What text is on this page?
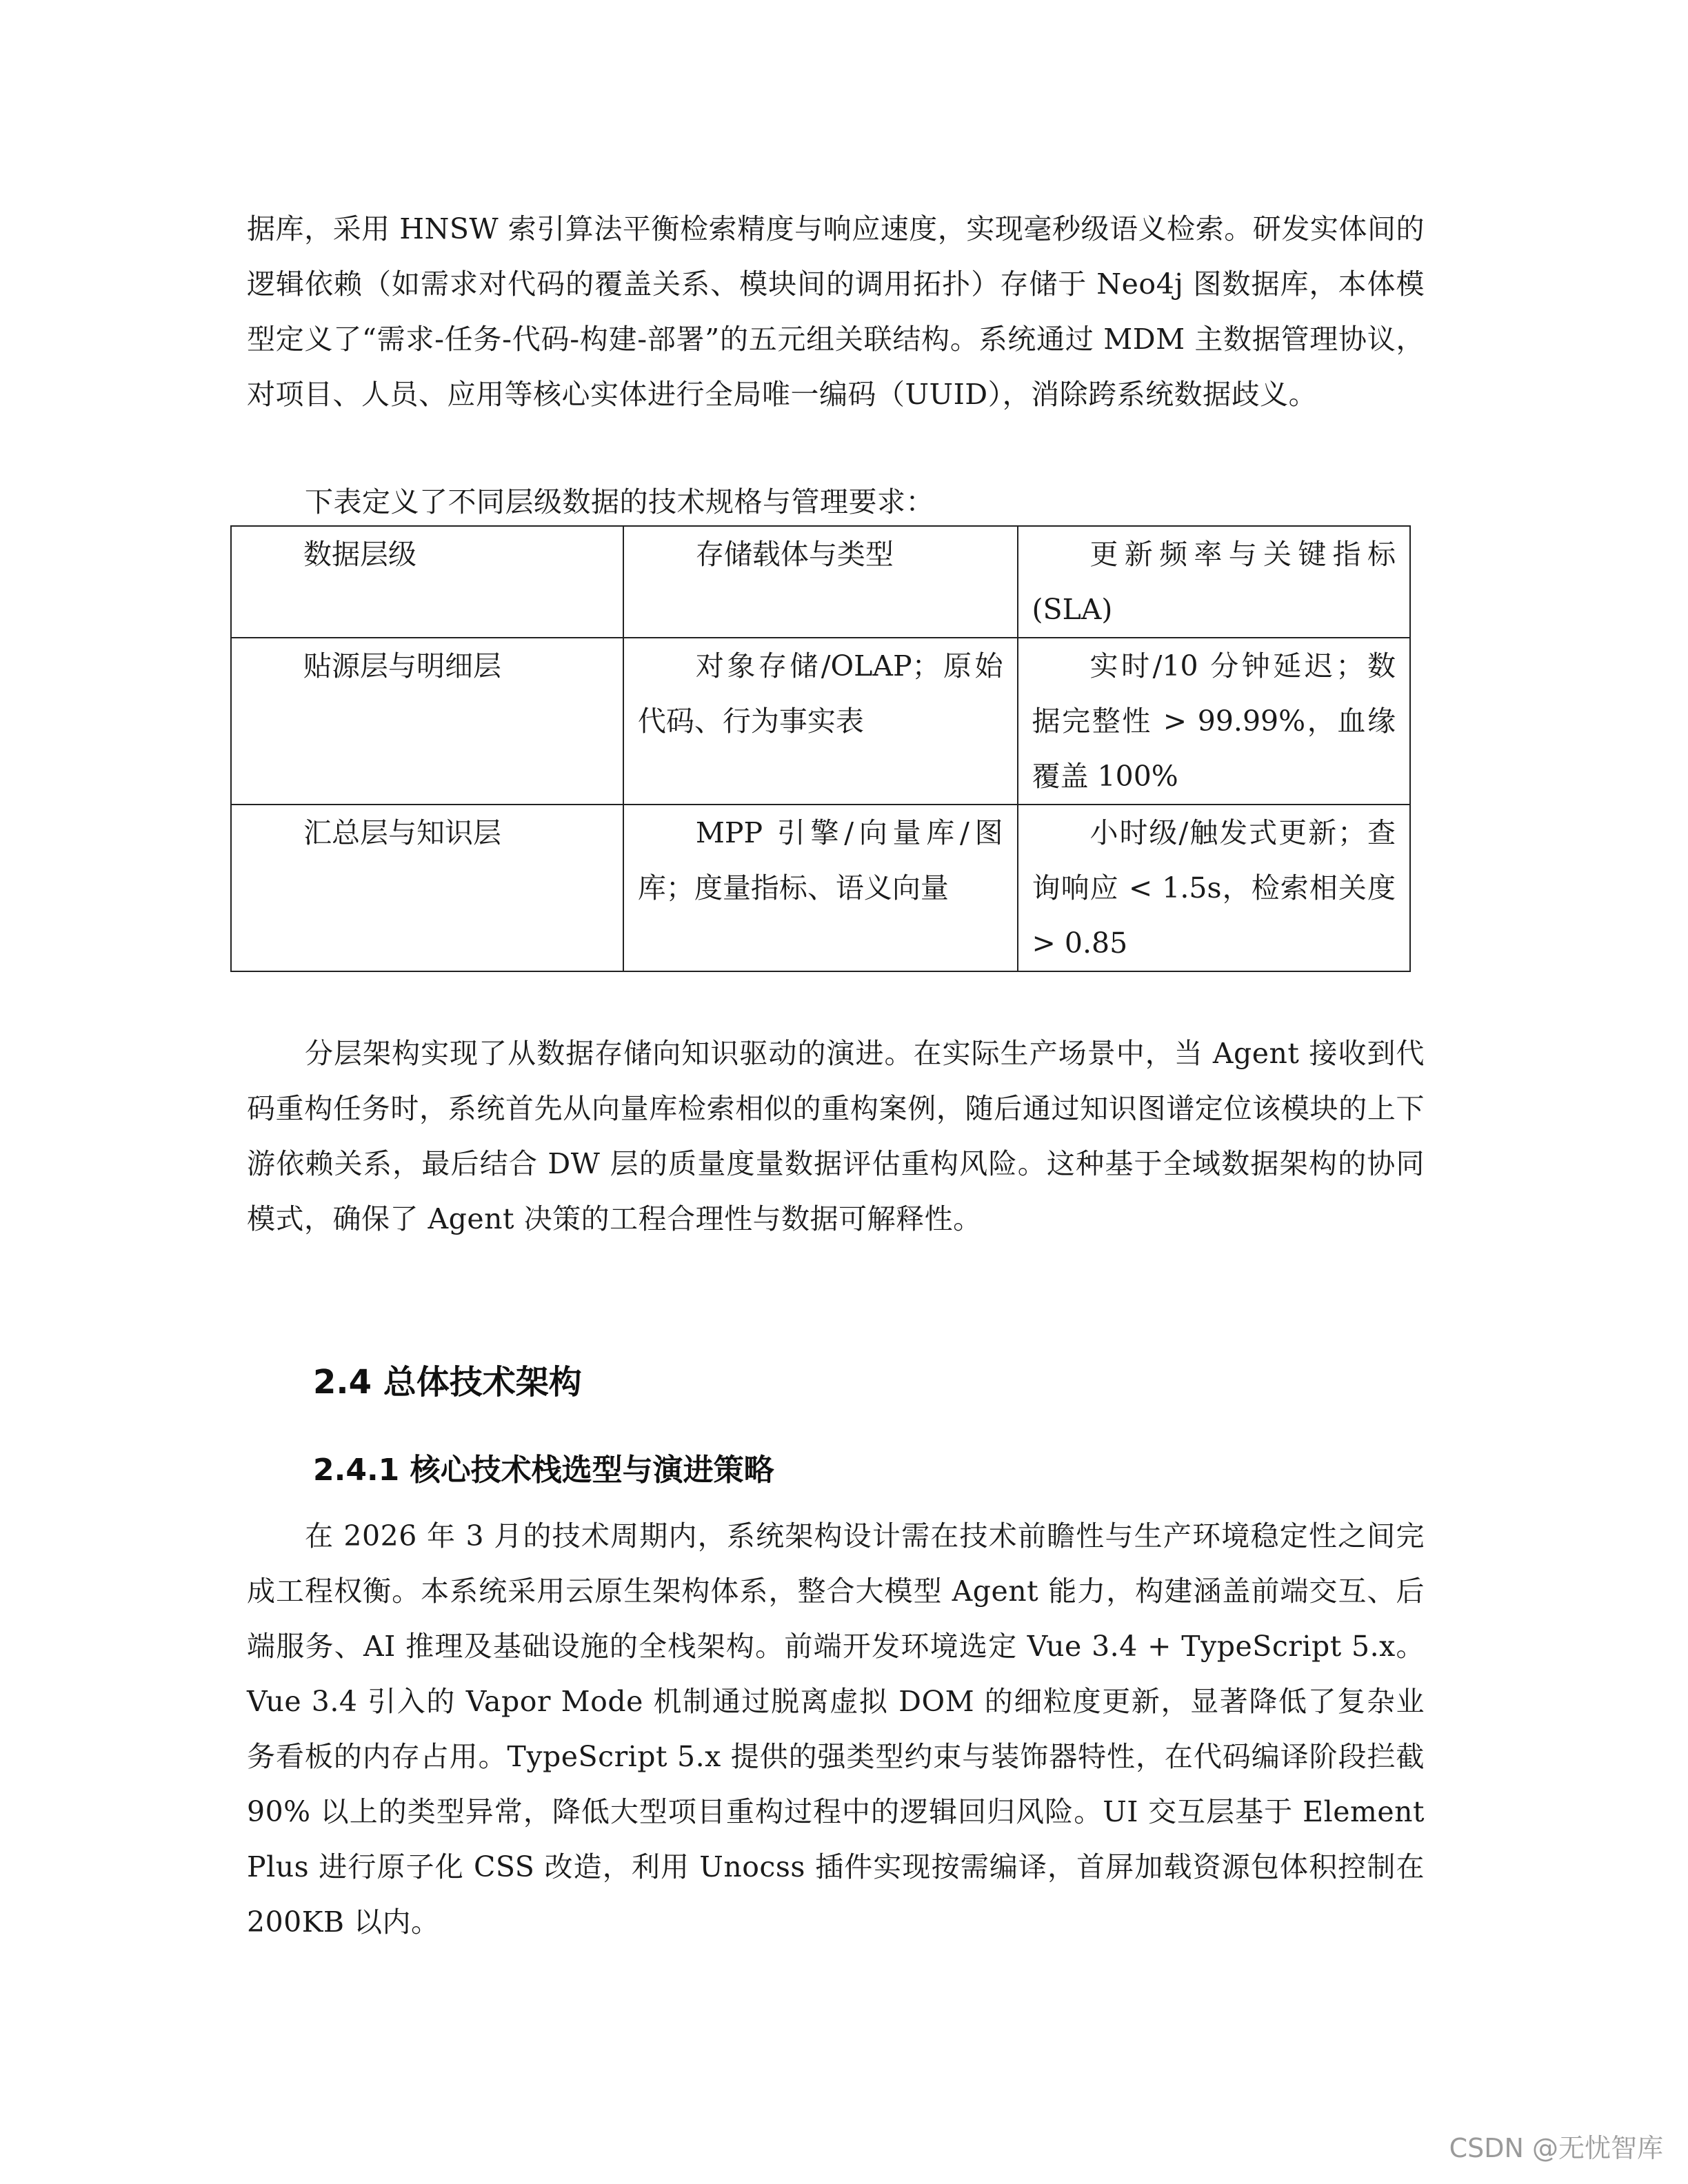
据库，采用 HNSW 索引算法平衡检索精度与响应速度，实现毫秒级语义检索。研发实体间的逻辑依赖（如需求对代码的覆盖关系、模块间的调用拓扑）存储于 Neo4j 图数据库，本体模型定义了“需求-任务-代码-构建-部署”的五元组关联结构。系统通过 MDM 主数据管理协议，对项目、人员、应用等核心实体进行全局唯一编码（UUID），消除跨系统数据歧义。

下表定义了不同层级数据的技术规格与管理要求：

数据层级	存储载体与类型	更新频率与关键指标 (SLA)

贴源层与明细层	对象存储/OLAP；原始代码、行为事实表	实时/10 分钟延迟；数据完整性 > 99.99%，血缘覆盖 100%

汇总层与知识层	MPP 引擎/向量库/图库；度量指标、语义向量	小时级/触发式更新；查询响应 < 1.5s，检索相关度 > 0.85

分层架构实现了从数据存储向知识驱动的演进。在实际生产场景中，当 Agent 接收到代码重构任务时，系统首先从向量库检索相似的重构案例，随后通过知识图谱定位该模块的上下游依赖关系，最后结合 DW 层的质量度量数据评估重构风险。这种基于全域数据架构的协同模式，确保了 Agent 决策的工程合理性与数据可解释性。

2.4 总体技术架构
2.4.1 核心技术栈选型与演进策略

在 2026 年 3 月的技术周期内，系统架构设计需在技术前瞻性与生产环境稳定性之间完成工程权衡。本系统采用云原生架构体系，整合大模型 Agent 能力，构建涵盖前端交互、后端服务、AI 推理及基础设施的全栈架构。前端开发环境选定 Vue 3.4 + TypeScript 5.x。Vue 3.4 引入的 Vapor Mode 机制通过脱离虚拟 DOM 的细粒度更新，显著降低了复杂业务看板的内存占用。TypeScript 5.x 提供的强类型约束与装饰器特性，在代码编译阶段拦截 90% 以上的类型异常，降低大型项目重构过程中的逻辑回归风险。UI 交互层基于 Element Plus 进行原子化 CSS 改造，利用 Unocss 插件实现按需编译，首屏加载资源包体积控制在 200KB 以内。

CSDN @无忧智库
